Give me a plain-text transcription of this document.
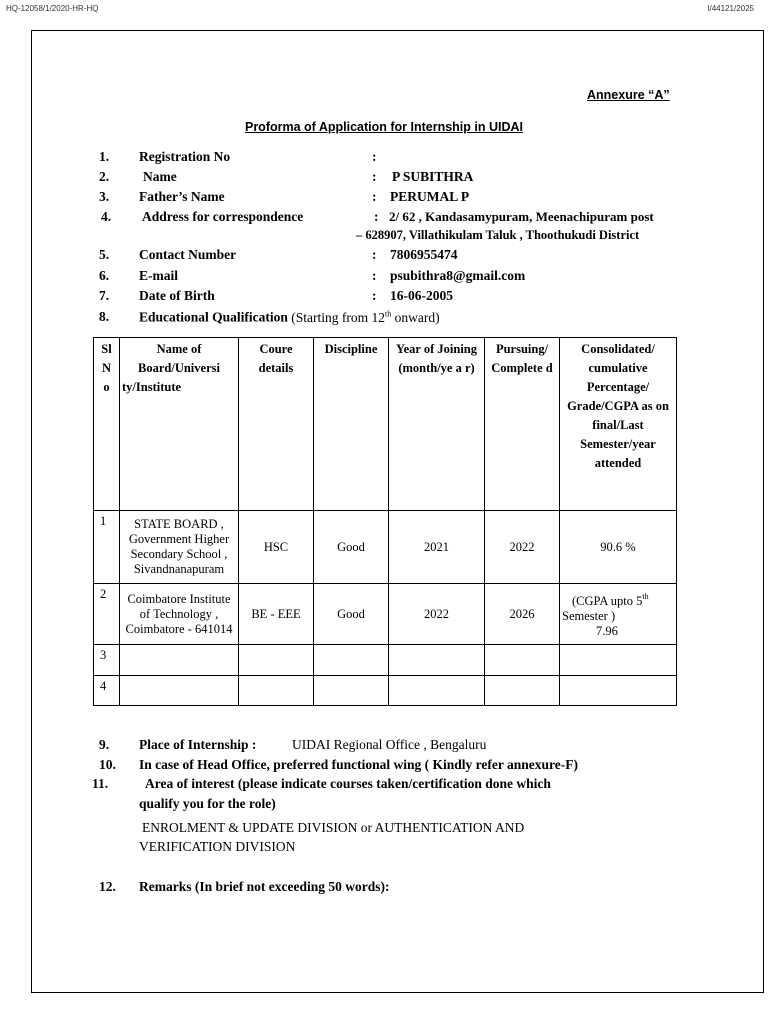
HQ-12058/1/2020-HR-HQ	I/44121/2025
Annexure “A”
Proforma of Application for Internship in UIDAI
1. Registration No	:
2.	Name	: P SUBITHRA
3. Father’s Name	: PERUMAL P
4. Address for correspondence	: 2/ 62 , Kandasamypuram, Meenachipuram post
– 628907, Villathikulam Taluk , Thoothukudi District
5. Contact Number	: 7806955474
6. E-mail	: psubithra8@gmail.com
7. Date of Birth	: 16-06-2005
8. Educational Qualification (Starting from 12th onward)
Sl
N
o	Name of Board/Universi ty/Institute	Coure details	Discipline	Year of Joining (month/ye a r)	Pursuing/ Complete d	Consolidated/ cumulative Percentage/ Grade/CGPA as on final/Last Semester/year attended
1	STATE BOARD , Government Higher Secondary School , Sivandnanapuram	HSC	Good	2021	2022	90.6 %
2	Coimbatore Institute of Technology , Coimbatore - 641014	BE - EEE	Good	2022	2026	(CGPA upto 5th
Semester )
7.96
3						
4						
9. Place of Internship :	UIDAI Regional Office , Bengaluru
10. In case of Head Office, preferred functional wing ( Kindly refer annexure-F)
11.	Area of interest (please indicate courses taken/certification done which
qualify you for the role)
ENROLMENT & UPDATE DIVISION or AUTHENTICATION AND
VERIFICATION DIVISION
12. Remarks (In brief not exceeding 50 words):
